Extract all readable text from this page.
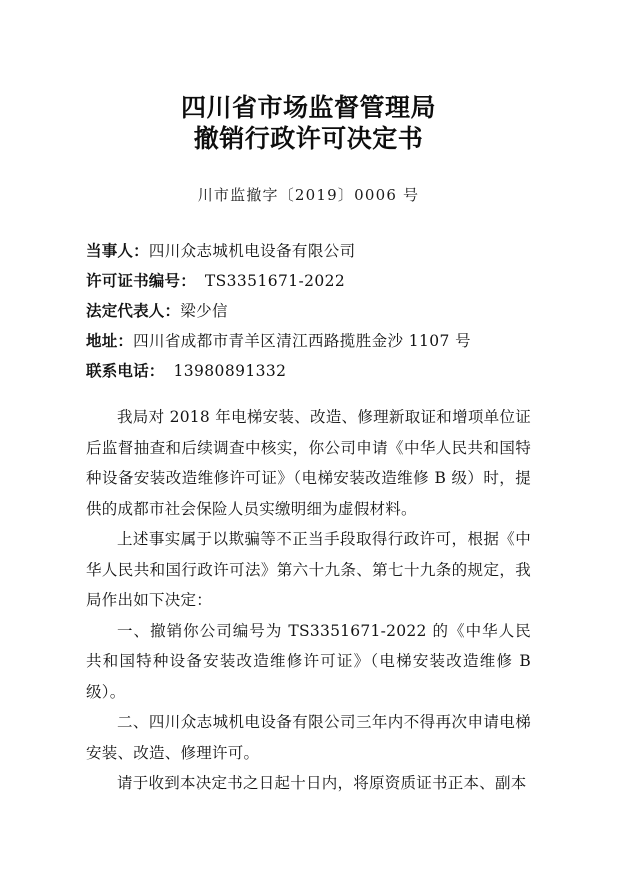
四川省市场监督管理局
撤销行政许可决定书
川市监撤字〔2019〕0006 号
当事人：四川众志城机电设备有限公司
许可证书编号： TS3351671-2022
法定代表人：梁少信
地址：四川省成都市青羊区清江西路揽胜金沙 1107 号
联系电话： 13980891332

我局对 2018 年电梯安装、改造、修理新取证和增项单位证后监督抽查和后续调查中核实，你公司申请《中华人民共和国特种设备安装改造维修许可证》（电梯安装改造维修 B 级）时，提供的成都市社会保险人员实缴明细为虚假材料。

上述事实属于以欺骗等不正当手段取得行政许可，根据《中华人民共和国行政许可法》第六十九条、第七十九条的规定，我局作出如下决定：

一、撤销你公司编号为 TS3351671-2022 的《中华人民共和国特种设备安装改造维修许可证》（电梯安装改造维修 B 级）。

二、四川众志城机电设备有限公司三年内不得再次申请电梯安装、改造、修理许可。

请于收到本决定书之日起十日内，将原资质证书正本、副本
